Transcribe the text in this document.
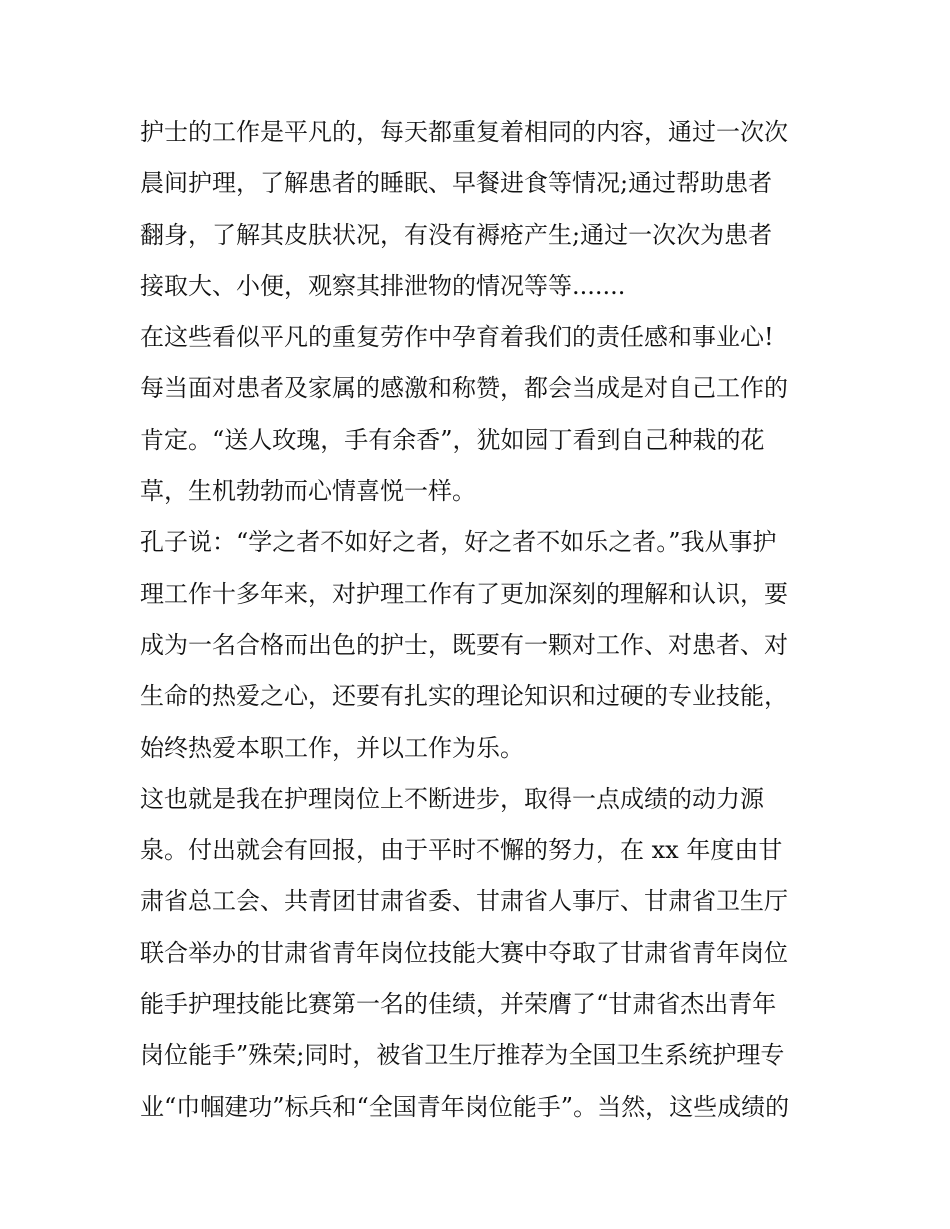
护士的工作是平凡的，每天都重复着相同的内容，通过一次次
晨间护理，了解患者的睡眠、早餐进食等情况;通过帮助患者
翻身，了解其皮肤状况，有没有褥疮产生;通过一次次为患者
接取大、小便，观察其排泄物的情况等等.......
在这些看似平凡的重复劳作中孕育着我们的责任感和事业心!
每当面对患者及家属的感激和称赞，都会当成是对自己工作的
肯定。“送人玫瑰，手有余香”，犹如园丁看到自己种栽的花
草，生机勃勃而心情喜悦一样。
孔子说：“学之者不如好之者，好之者不如乐之者。”我从事护
理工作十多年来，对护理工作有了更加深刻的理解和认识，要
成为一名合格而出色的护士，既要有一颗对工作、对患者、对
生命的热爱之心，还要有扎实的理论知识和过硬的专业技能，
始终热爱本职工作，并以工作为乐。
这也就是我在护理岗位上不断进步，取得一点成绩的动力源
泉。付出就会有回报，由于平时不懈的努力，在 xx 年度由甘
肃省总工会、共青团甘肃省委、甘肃省人事厅、甘肃省卫生厅
联合举办的甘肃省青年岗位技能大赛中夺取了甘肃省青年岗位
能手护理技能比赛第一名的佳绩，并荣膺了“甘肃省杰出青年
岗位能手”殊荣;同时，被省卫生厅推荐为全国卫生系统护理专
业“巾帼建功”标兵和“全国青年岗位能手”。当然，这些成绩的
